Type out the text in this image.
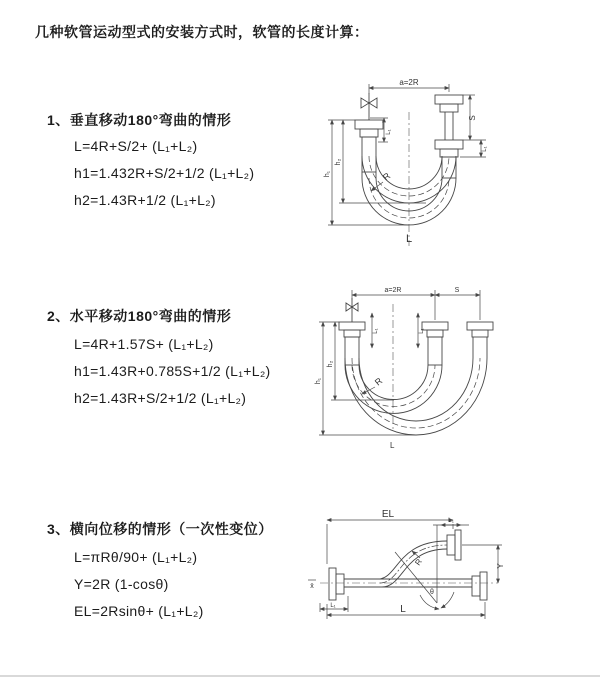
几种软管运动型式的安装方式时，软管的长度计算：
1、垂直移动180°弯曲的情形
L=4R+S/2+ (L₁+L₂)
h1=1.432R+S/2+1/2 (L₁+L₂)
h2=1.43R+1/2 (L₁+L₂)
2、水平移动180°弯曲的情形
L=4R+1.57S+ (L₁+L₂)
h1=1.43R+0.785S+1/2 (L₁+L₂)
h2=1.43R+S/2+1/2 (L₁+L₂)
3、横向位移的情形（一次性变位）
L=πRθ/90+ (L₁+L₂)
Y=2R (1-cosθ)
EL=2Rsinθ+ (L₁+L₂)
a=2R
R
h₁
h₂
L₁
S
L₁
L
a=2R	S
R
h₁
h₂
L₁	L₁
L
EL
L₁
θ
R	Y
L
L₁
x̄
